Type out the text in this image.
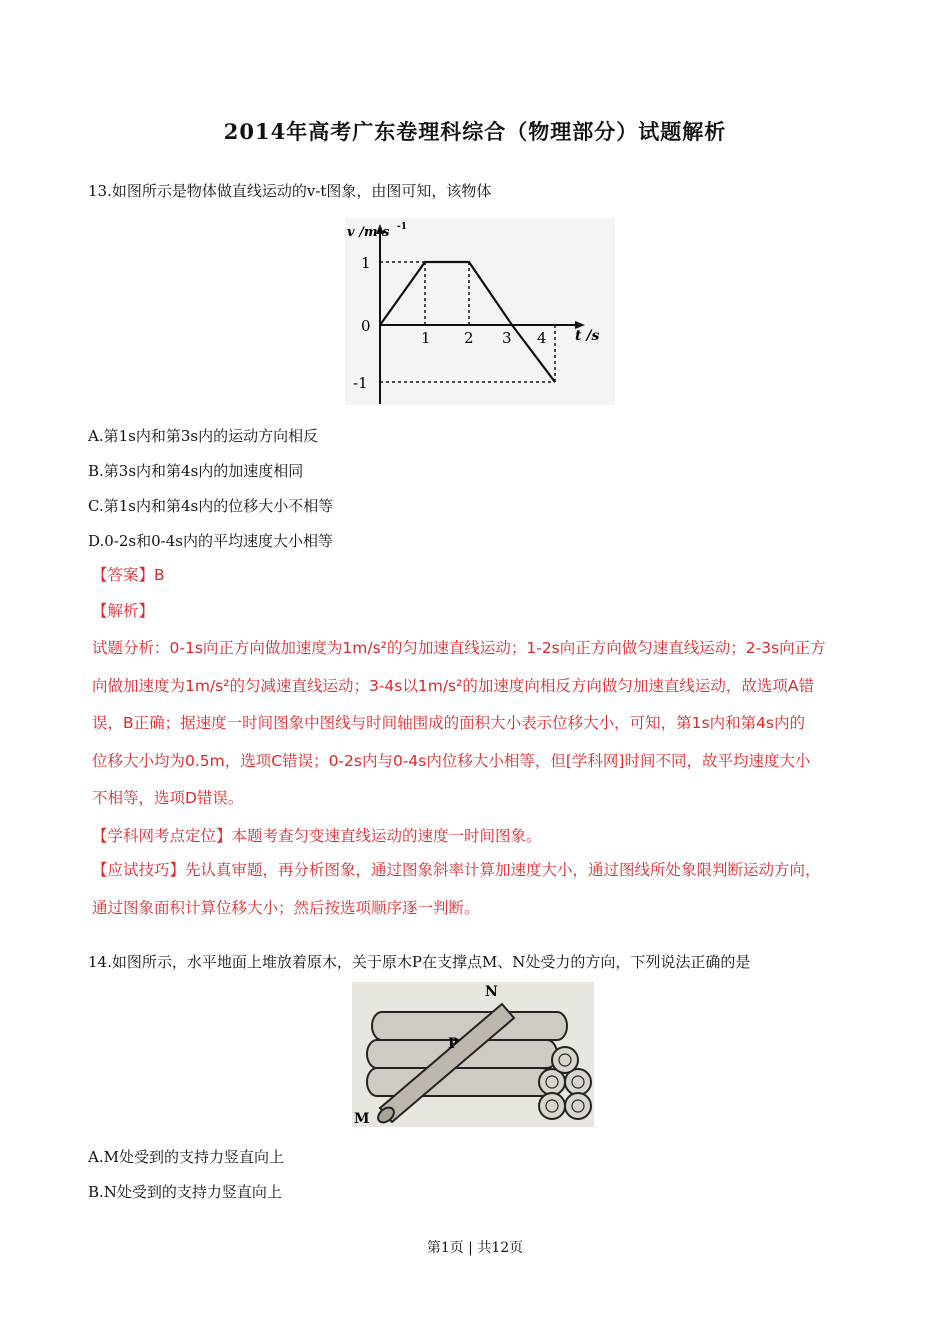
2014年高考广东卷理科综合（物理部分）试题解析
13.如图所示是物体做直线运动的v-t图象，由图可知，该物体
v /m·s -1
1
0
-1
1 2 3 4 t /s
A.第1s内和第3s内的运动方向相反
B.第3s内和第4s内的加速度相同
C.第1s内和第4s内的位移大小不相等
D.0-2s和0-4s内的平均速度大小相等
【答案】B
【解析】
试题分析：0-1s向正方向做加速度为1m/s²的匀加速直线运动；1-2s向正方向做匀速直线运动；2-3s向正方
向做加速度为1m/s²的匀减速直线运动；3-4s以1m/s²的加速度向相反方向做匀加速直线运动，故选项A错
误，B正确；据速度一时间图象中图线与时间轴围成的面积大小表示位移大小，可知，第1s内和第4s内的
位移大小均为0.5m，选项C错误；0-2s内与0-4s内位移大小相等，但[学科网]时间不同，故平均速度大小
不相等，选项D错误。
【学科网考点定位】本题考查匀变速直线运动的速度一时间图象。
【应试技巧】先认真审题，再分析图象，通过图象斜率计算加速度大小，通过图线所处象限判断运动方向，
通过图象面积计算位移大小；然后按选项顺序逐一判断。
14.如图所示，水平地面上堆放着原木，关于原木P在支撑点M、N处受力的方向，下列说法正确的是
N
P
M
A.M处受到的支持力竖直向上
B.N处受到的支持力竖直向上
第1页 | 共12页
